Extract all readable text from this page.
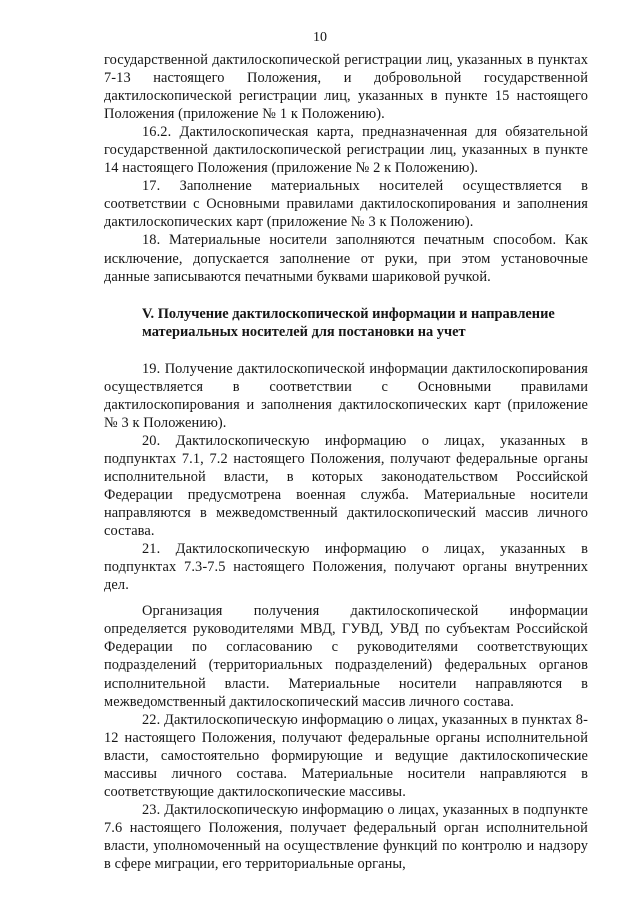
10

государственной дактилоскопической регистрации лиц, указанных в пунктах 7-13 настоящего Положения, и добровольной государственной дактилоскопической регистрации лиц, указанных в пункте 15 настоящего Положения (приложение № 1 к Положению).

16.2. Дактилоскопическая карта, предназначенная для обязательной государственной дактилоскопической регистрации лиц, указанных в пункте 14 настоящего Положения (приложение № 2 к Положению).

17. Заполнение материальных носителей осуществляется в соответствии с Основными правилами дактилоскопирования и заполнения дактилоскопических карт (приложение № 3 к Положению).

18. Материальные носители заполняются печатным способом. Как исключение, допускается заполнение от руки, при этом установочные данные записываются печатными буквами шариковой ручкой.

V. Получение дактилоскопической информации и направление материальных носителей для постановки на учет

19. Получение дактилоскопической информации дактилоскопирования осуществляется в соответствии с Основными правилами дактилоскопирования и заполнения дактилоскопических карт (приложение № 3 к Положению).

20. Дактилоскопическую информацию о лицах, указанных в подпунктах 7.1, 7.2 настоящего Положения, получают федеральные органы исполнительной власти, в которых законодательством Российской Федерации предусмотрена военная служба. Материальные носители направляются в межведомственный дактилоскопический массив личного состава.

21. Дактилоскопическую информацию о лицах, указанных в подпунктах 7.3-7.5 настоящего Положения, получают органы внутренних дел.

Организация получения дактилоскопической информации определяется руководителями МВД, ГУВД, УВД по субъектам Российской Федерации по согласованию с руководителями соответствующих подразделений (территориальных подразделений) федеральных органов исполнительной власти. Материальные носители направляются в межведомственный дактилоскопический массив личного состава.

22. Дактилоскопическую информацию о лицах, указанных в пунктах 8-12 настоящего Положения, получают федеральные органы исполнительной власти, самостоятельно формирующие и ведущие дактилоскопические массивы личного состава. Материальные носители направляются в соответствующие дактилоскопические массивы.

23. Дактилоскопическую информацию о лицах, указанных в подпункте 7.6 настоящего Положения, получает федеральный орган исполнительной власти, уполномоченный на осуществление функций по контролю и надзору в сфере миграции, его территориальные органы,
